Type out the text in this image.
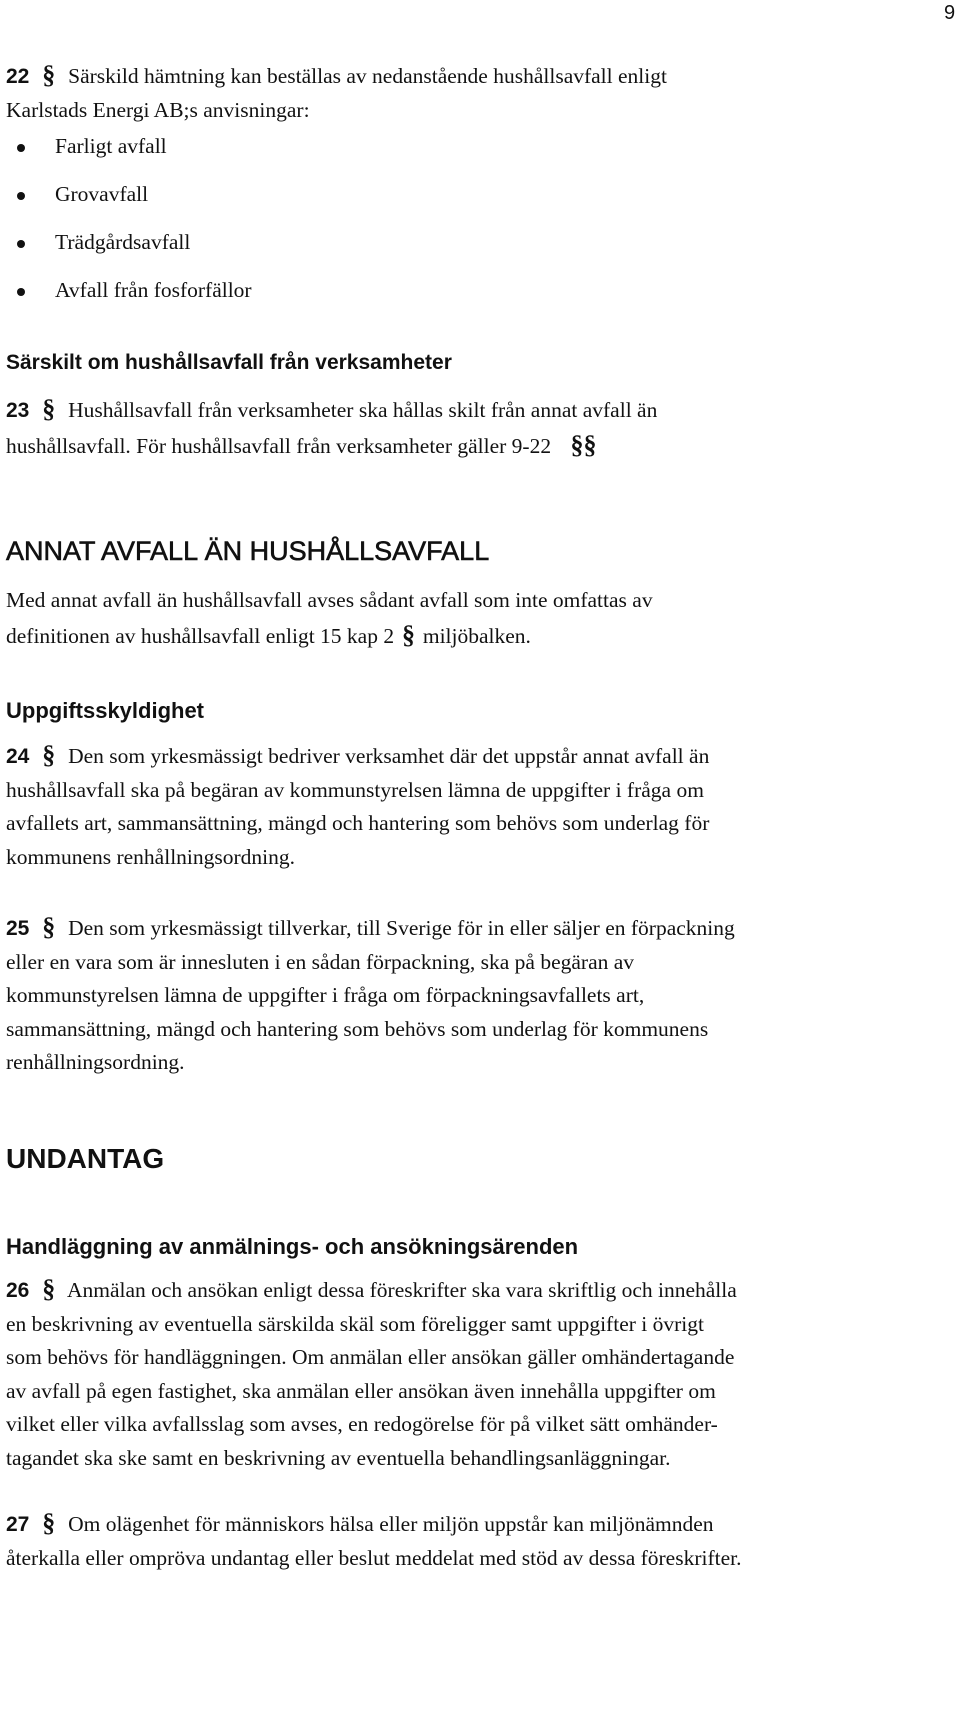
9
22 § Särskild hämtning kan beställas av nedanstående hushållsavfall enligt
Karlstads Energi AB;s anvisningar:
Farligt avfall
Grovavfall
Trädgårdsavfall
Avfall från fosforfällor
Särskilt om hushållsavfall från verksamheter
23 § Hushållsavfall från verksamheter ska hållas skilt från annat avfall än
hushållsavfall. För hushållsavfall från verksamheter gäller 9-22 §§
ANNAT AVFALL ÄN HUSHÅLLSAVFALL
Med annat avfall än hushållsavfall avses sådant avfall som inte omfattas av
definitionen av hushållsavfall enligt 15 kap 2 § miljöbalken.
Uppgiftsskyldighet
24 § Den som yrkesmässigt bedriver verksamhet där det uppstår annat avfall än
hushållsavfall ska på begäran av kommunstyrelsen lämna de uppgifter i fråga om
avfallets art, sammansättning, mängd och hantering som behövs som underlag för
kommunens renhållningsordning.
25 § Den som yrkesmässigt tillverkar, till Sverige för in eller säljer en förpackning
eller en vara som är innesluten i en sådan förpackning, ska på begäran av
kommunstyrelsen lämna de uppgifter i fråga om förpackningsavfallets art,
sammansättning, mängd och hantering som behövs som underlag för kommunens
renhållningsordning.
UNDANTAG
Handläggning av anmälnings- och ansökningsärenden
26 § Anmälan och ansökan enligt dessa föreskrifter ska vara skriftlig och innehålla
en beskrivning av eventuella särskilda skäl som föreligger samt uppgifter i övrigt
som behövs för handläggningen. Om anmälan eller ansökan gäller omhändertagande
av avfall på egen fastighet, ska anmälan eller ansökan även innehålla uppgifter om
vilket eller vilka avfallsslag som avses, en redogörelse för på vilket sätt omhänder-
tagandet ska ske samt en beskrivning av eventuella behandlingsanläggningar.
27 § Om olägenhet för människors hälsa eller miljön uppstår kan miljönämnden
återkalla eller ompröva undantag eller beslut meddelat med stöd av dessa föreskrifter.
